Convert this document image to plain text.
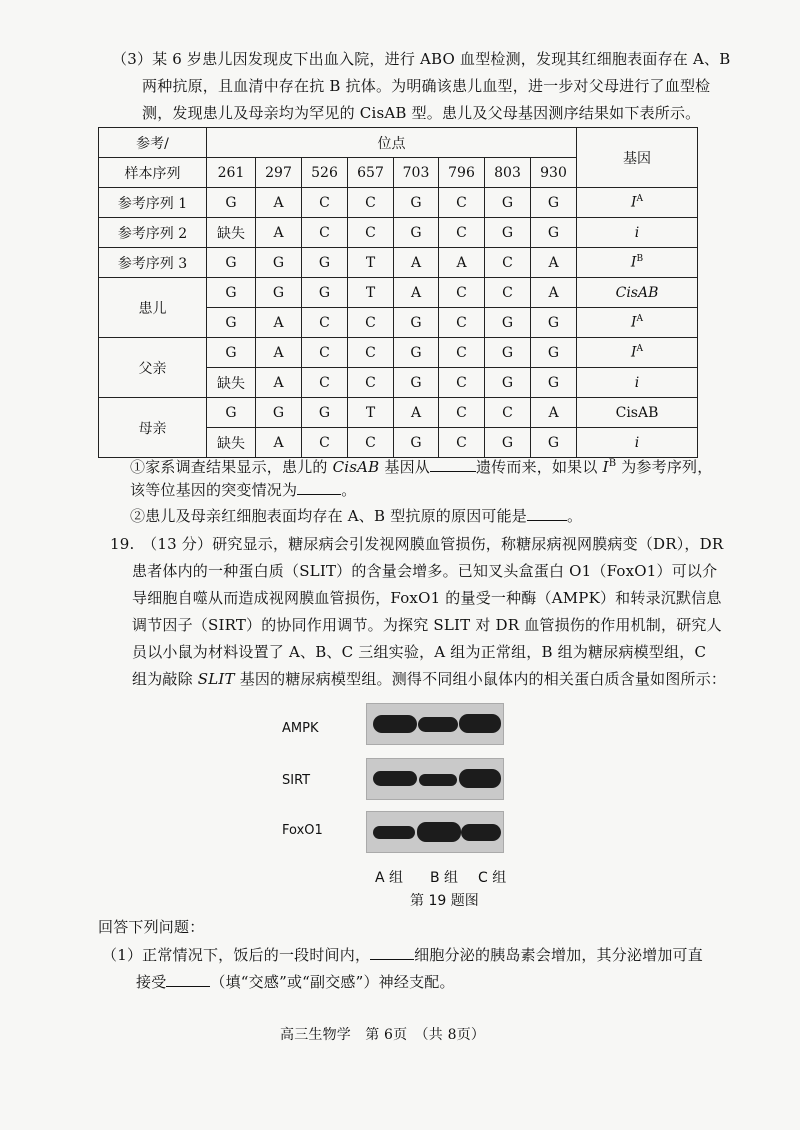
（3）某 6 岁患儿因发现皮下出血入院，进行 ABO 血型检测，发现其红细胞表面存在 A、B
两种抗原，且血清中存在抗 B 抗体。为明确该患儿血型，进一步对父母进行了血型检
测，发现患儿及母亲均为罕见的 CisAB 型。患儿及父母基因测序结果如下表所示。
参考/	位点								基因
样本序列	261	297	526	657	703	796	803	930	
参考序列 1	G	A	C	C	G	C	G	G	$I^A$
参考序列 2	缺失	A	C	C	G	C	G	G	i
参考序列 3	G	G	G	T	A	A	C	A	$I^B$
患儿	G	G	G	T	A	C	C	A	CisAB
	G	A	C	C	G	C	G	G	$I^A$
父亲	G	A	C	C	G	C	G	G	$I^A$
	缺失	A	C	C	G	C	G	G	i
母亲	G	G	G	T	A	C	C	A	CisAB
	缺失	A	C	C	G	C	G	G	i
①家系调查结果显示，患儿的 CisAB 基因从	遗传而来，如果以 $I^B$ 为参考序列，
该等位基因的突变情况为	。
②患儿及母亲红细胞表面均存在 A、B 型抗原的原因可能是	。
19.　（13 分）研究显示，糖尿病会引发视网膜血管损伤，称糖尿病视网膜病变（DR），DR
患者体内的一种蛋白质（SLIT）的含量会增多。已知叉头盒蛋白 O1（FoxO1）可以介
导细胞自噬从而造成视网膜血管损伤，FoxO1 的量受一种酶（AMPK）和转录沉默信息
调节因子（SIRT）的协同作用调节。为探究 SLIT 对 DR 血管损伤的作用机制，研究人
员以小鼠为材料设置了 A、B、C 三组实验，A 组为正常组，B 组为糖尿病模型组，C
组为敲除 SLIT 基因的糖尿病模型组。测得不同组小鼠体内的相关蛋白质含量如图所示：
AMPK
SIRT
FoxO1
A 组 B 组 C 组
第 19 题图
回答下列问题：
（1）正常情况下，饭后的一段时间内，	细胞分泌的胰岛素会增加，其分泌增加可直
接受	（填“交感”或“副交感”）神经支配。
高三生物学　第 6页　（共 8页）
